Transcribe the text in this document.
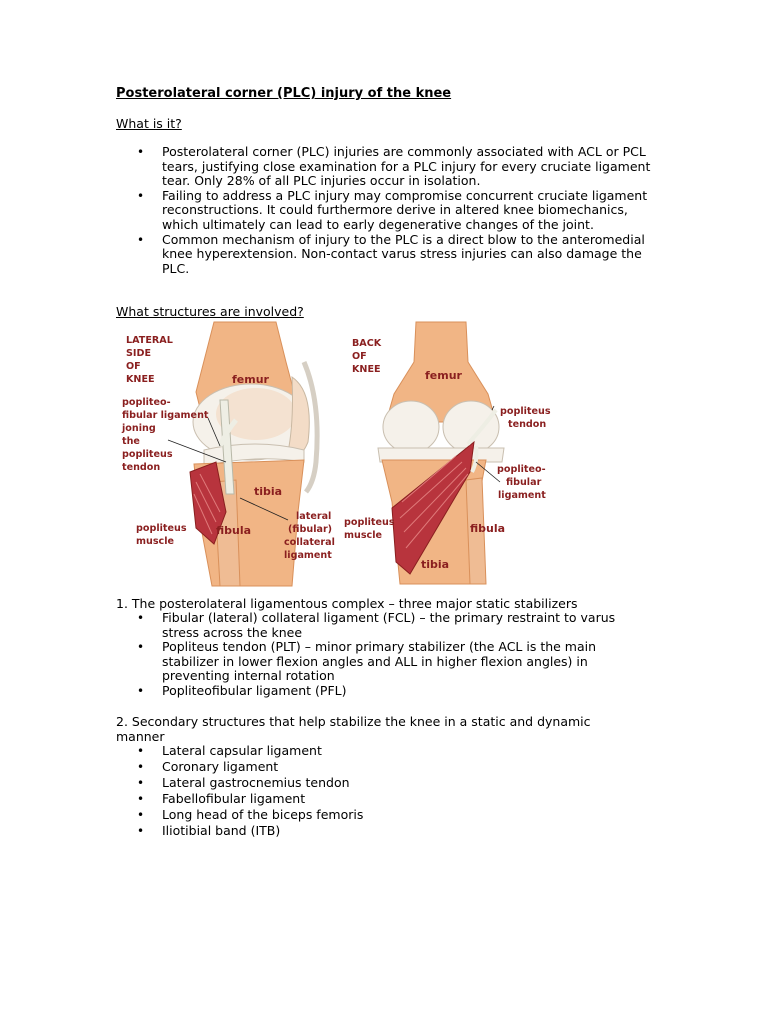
Posterolateral corner (PLC) injury of the knee
What is it?
• Posterolateral corner (PLC) injuries are commonly associated with ACL or PCL tears, justifying close examination for a PLC injury for every cruciate ligament tear. Only 28% of all PLC injuries occur in isolation.
• Failing to address a PLC injury may compromise concurrent cruciate ligament reconstructions. It could furthermore derive in altered knee biomechanics, which ultimately can lead to early degenerative changes of the joint.
• Common mechanism of injury to the PLC is a direct blow to the anteromedial knee hyperextension. Non-contact varus stress injuries can also damage the PLC.
What structures are involved?
LATERAL
SIDE
OF
KNEE	femur
popliteo-
fibular ligament
joning
the
popliteus
tendon
tibia
fibula
popliteus
muscle
lateral
(fibular)
collateral
ligament
BACK
OF
KNEE	femur
popliteus
tendon
popliteo-
fibular
ligament
popliteus
muscle
fibula
tibia
1. The posterolateral ligamentous complex – three major static stabilizers
• Fibular (lateral) collateral ligament (FCL) – the primary restraint to varus stress across the knee
• Popliteus tendon (PLT) – minor primary stabilizer (the ACL is the main stabilizer in lower flexion angles and ALL in higher flexion angles) in preventing internal rotation
• Popliteofibular ligament (PFL)
2. Secondary structures that help stabilize the knee in a static and dynamic manner
• Lateral capsular ligament
• Coronary ligament
• Lateral gastrocnemius tendon
• Fabellofibular ligament
• Long head of the biceps femoris
• Iliotibial band (ITB)
